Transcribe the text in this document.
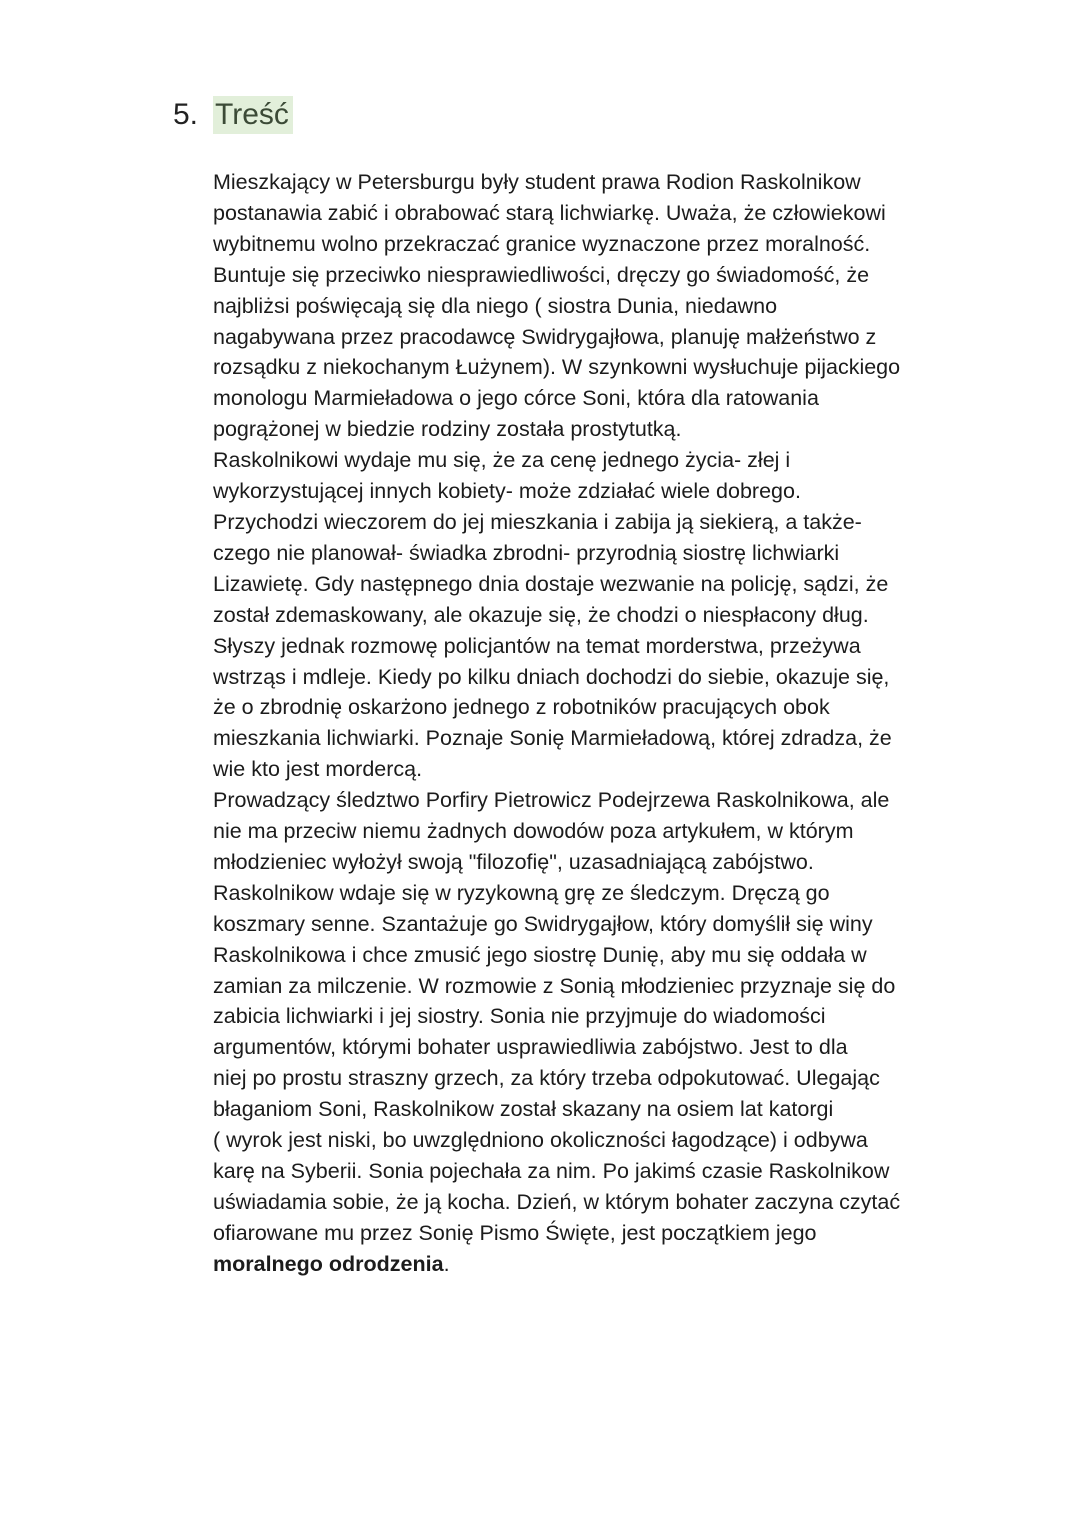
5. Treść
Mieszkający w Petersburgu były student prawa Rodion Raskolnikow
postanawia zabić i obrabować starą lichwiarkę. Uważa, że człowiekowi
wybitnemu wolno przekraczać granice wyznaczone przez moralność.
Buntuje się przeciwko niesprawiedliwości, dręczy go świadomość, że
najbliżsi poświęcają się dla niego ( siostra Dunia, niedawno
nagabywana przez pracodawcę Swidrygajłowa, planuję małżeństwo z
rozsądku z niekochanym Łużynem). W szynkowni wysłuchuje pijackiego
monologu Marmieładowa o jego córce Soni, która dla ratowania
pogrążonej w biedzie rodziny została prostytutką.
Raskolnikowi wydaje mu się, że za cenę jednego życia- złej i
wykorzystującej innych kobiety- może zdziałać wiele dobrego.
Przychodzi wieczorem do jej mieszkania i zabija ją siekierą, a także-
czego nie planował- świadka zbrodni- przyrodnią siostrę lichwiarki
Lizawietę. Gdy następnego dnia dostaje wezwanie na policję, sądzi, że
został zdemaskowany, ale okazuje się, że chodzi o niespłacony dług.
Słyszy jednak rozmowę policjantów na temat morderstwa, przeżywa
wstrząs i mdleje. Kiedy po kilku dniach dochodzi do siebie, okazuje się,
że o zbrodnię oskarżono jednego z robotników pracujących obok
mieszkania lichwiarki. Poznaje Sonię Marmieładową, której zdradza, że
wie kto jest mordercą.
Prowadzący śledztwo Porfiry Pietrowicz Podejrzewa Raskolnikowa, ale
nie ma przeciw niemu żadnych dowodów poza artykułem, w którym
młodzieniec wyłożył swoją "filozofię", uzasadniającą zabójstwo.
Raskolnikow wdaje się w ryzykowną grę ze śledczym. Dręczą go
koszmary senne. Szantażuje go Swidrygajłow, który domyślił się winy
Raskolnikowa i chce zmusić jego siostrę Dunię, aby mu się oddała w
zamian za milczenie. W rozmowie z Sonią młodzieniec przyznaje się do
zabicia lichwiarki i jej siostry. Sonia nie przyjmuje do wiadomości
argumentów, którymi bohater usprawiedliwia zabójstwo. Jest to dla
niej po prostu straszny grzech, za który trzeba odpokutować. Ulegając
błaganiom Soni, Raskolnikow został skazany na osiem lat katorgi
( wyrok jest niski, bo uwzględniono okoliczności łagodzące) i odbywa
karę na Syberii. Sonia pojechała za nim. Po jakimś czasie Raskolnikow
uświadamia sobie, że ją kocha. Dzień, w którym bohater zaczyna czytać
ofiarowane mu przez Sonię Pismo Święte, jest początkiem jego
moralnego odrodzenia.
